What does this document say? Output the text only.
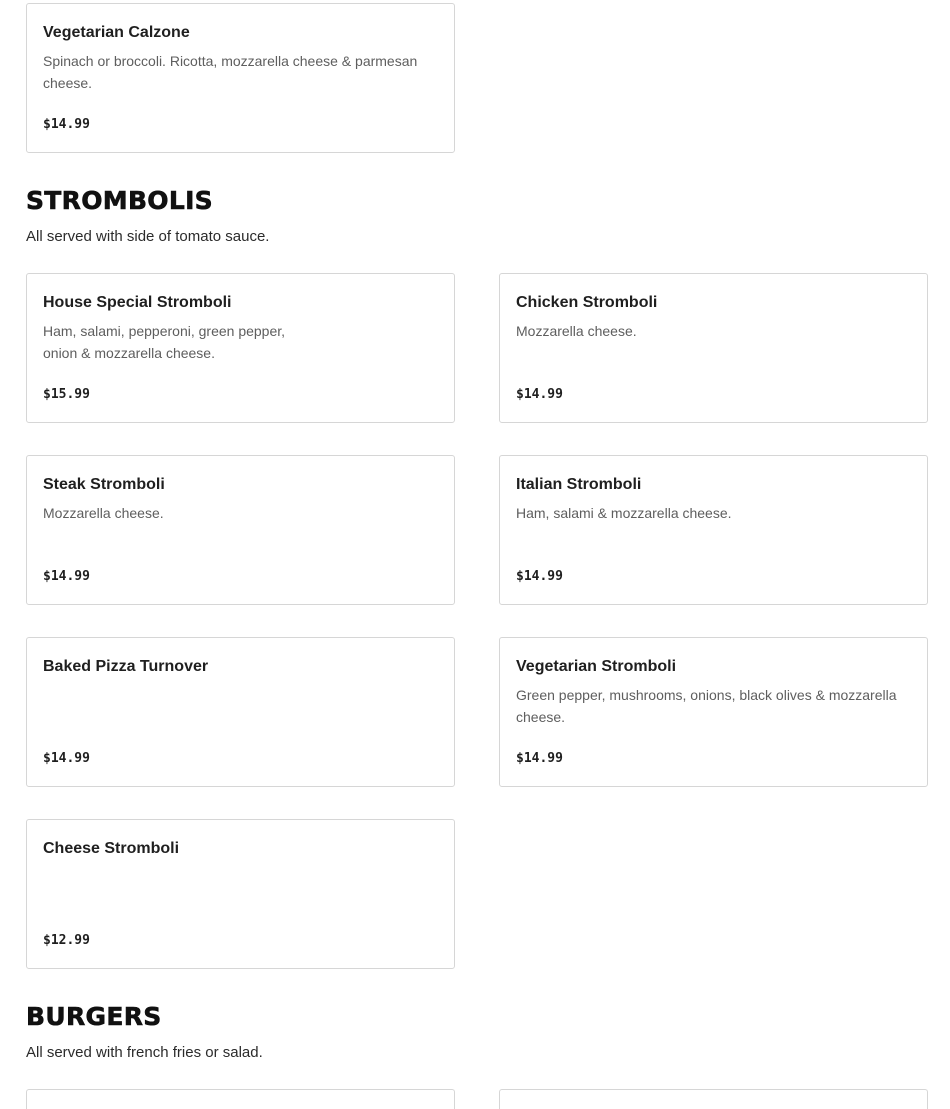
Vegetarian Calzone
Spinach or broccoli. Ricotta, mozzarella cheese & parmesan cheese.
$14.99
STROMBOLIS

All served with side of tomato sauce.

House Special Stromboli
Ham, salami, pepperoni, green pepper, onion & mozzarella cheese.
$15.99
Chicken Stromboli
Mozzarella cheese.
$14.99
Steak Stromboli
Mozzarella cheese.
$14.99
Italian Stromboli
Ham, salami & mozzarella cheese.
$14.99
Baked Pizza Turnover
$14.99
Vegetarian Stromboli
Green pepper, mushrooms, onions, black olives & mozzarella cheese.
$14.99
Cheese Stromboli
$12.99
BURGERS

All served with french fries or salad.
